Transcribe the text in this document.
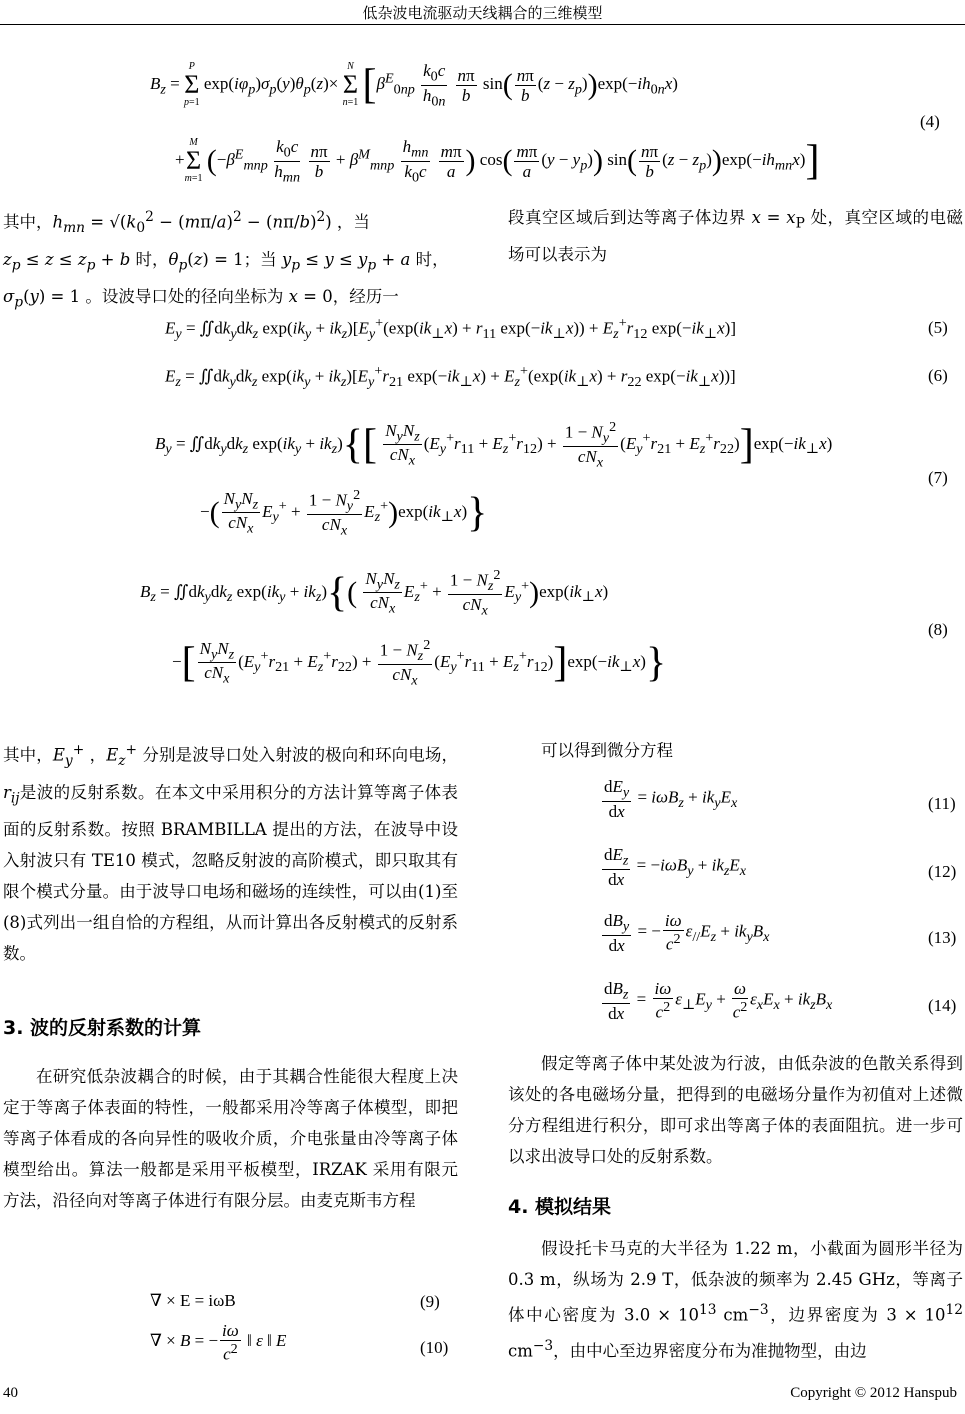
低杂波电流驱动天线耦合的三维模型
$B_z = P$
Σ
p=1 $\exp(i\varphi_p)\sigma_p(y)\theta_p(z)\times N$
Σ
n=1 [$\beta^E_{0np} \frac{k_0c}{h_{0n}}$
$\frac{n\pi}{b} \sin( \frac{n\pi}{b} (z - z_p))\exp(-ih_{0n}x)$
+M
Σ
m=1 ($-\beta^E_{mnp} \frac{k_0c}{h_{mn}}$
$\frac{n\pi}{b} + \beta^M_{mnp} \frac{h_{mn}}{k_0c}$
$\frac{m\pi}{a}$ ) $\cos( \frac{m\pi}{a} (y - y_p))$ $\sin( \frac{n\pi}{b} (z - z_p))\exp(-ih_{mn}x)$]
(4)

其中，$h_{mn} = √(k_0^2 - (m\pi/a)^2 - (n\pi/b)^2)$ ，当

$z_p \le z \le z_p + b$ 时，$\theta_p(z) = 1$；当 $y_p \le y \le y_p + a$ 时，

$\sigma_p(y) = 1$ 。设波导口处的径向坐标为 x = 0，经历一

段真空区域后到达等离子体边界 $x = x_P$ 处，真空区域的电磁场可以表示为

$E_y$ = $∬dk_ydk_z$ $\exp(ik_y + ik_z)[E_y^+(\exp(ik_\perp x) + r_{11}$ $\exp(-ik_\perp x)) + E_z^+r_{12}$ $\exp(-ik_\perp x)$]	(5)
$E_z$ = $∬dk_ydk_z$ $\exp(ik_y + ik_z)[E_y^+r_{21}$ $\exp(-ik_\perp x) + E_z^+(\exp(ik_\perp x) + r_{22}$ $\exp(-ik_\perp x)$)]	(6)
$B_y$ = $∬dk_ydk_z$ $\exp(ik_y + ik_z)\{[ \frac{N_yN_z}{cN_x} (E_y^+r_{11} + E_z^+r_{12}) + \frac{1 - N_y^2}{cN_x} (E_y^+r_{21} + E_z^+r_{22})]\exp(-ik_\perp x)$
−( $\frac{N_yN_z}{cN_x} E_y^+ + \frac{1 - N_y^2}{cN_x} E_z^+)\exp(ik_\perp x)$}
(7)
$B_z$ = $∬dk_ydk_z$ $\exp(ik_y + ik_z)\{( \frac{N_yN_z}{cN_x} E_z^+ + \frac{1 - N_z^2}{cN_x} E_y^+)\exp(ik_\perp x)$
−[ $\frac{N_yN_z}{cN_x} (E_y^+r_{21} + E_z^+r_{22}) + \frac{1 - N_z^2}{cN_x} (E_y^+r_{11} + E_z^+r_{12})]\exp(-ik_\perp x)$}
(8)

其中，$E_y^+$ ，$E_z^+$ 分别是波导口处入射波的极向和环向电场，$r_{ij}$是波的反射系数。在本文中采用积分的方法计算等离子体表面的反射系数。按照 BRAMBILLA 提出的方法，在波导中设入射波只有 TE10 模式，忽略反射波的高阶模式，即只取其有限个模式分量。由于波导口电场和磁场的连续性，可以由(1)至(8)式列出一组自恰的方程组，从而计算出各反射模式的反射系数。

3. 波的反射系数的计算

在研究低杂波耦合的时候，由于其耦合性能很大程度上决定于等离子体表面的特性，一般都采用冷等离子体模型，即把等离子体看成的各向异性的吸收介质，介电张量由冷等离子体模型给出。算法一般都是采用平板模型，IRZAK 采用有限元方法，沿径向对等离子体进行有限分层。由麦克斯韦方程

∇ × E = iωB	(9)
∇ × B = − $\frac{i\omega}{c^2}$ ‖ ε ‖ E	(10)

可以得到微分方程

$\frac{dE_y}{dx} = i\omega B_z + ik_yE_x$	(11)
$\frac{dE_z}{dx} = -i\omega B_y + ik_zE_x$	(12)
$\frac{dB_y}{dx}$ = − $\frac{i\omega}{c^2} \varepsilon_{//}E_z + ik_yB_x$	(13)
$\frac{dB_z}{dx} = \frac{i\omega}{c^2} \varepsilon_\perp E_y + \frac{\omega}{c^2} \varepsilon_xE_x + ik_zB_x$	(14)

假定等离子体中某处波为行波，由低杂波的色散关系得到该处的各电磁场分量，把得到的电磁场分量作为初值对上述微分方程组进行积分，即可求出等离子体的表面阻抗。进一步可以求出波导口处的反射系数。

4. 模拟结果

假设托卡马克的大半径为 1.22 m，小截面为圆形半径为 0.3 m，纵场为 2.9 T，低杂波的频率为 2.45 GHz，等离子体中心密度为 $3.0 \times 10^{13}$ $cm^{-3}$，边界密度为 $3 \times 10^{12}$ $cm^{-3}$，由中心至边界密度分布为准抛物型，由边

40	Copyright © 2012 Hanspub
